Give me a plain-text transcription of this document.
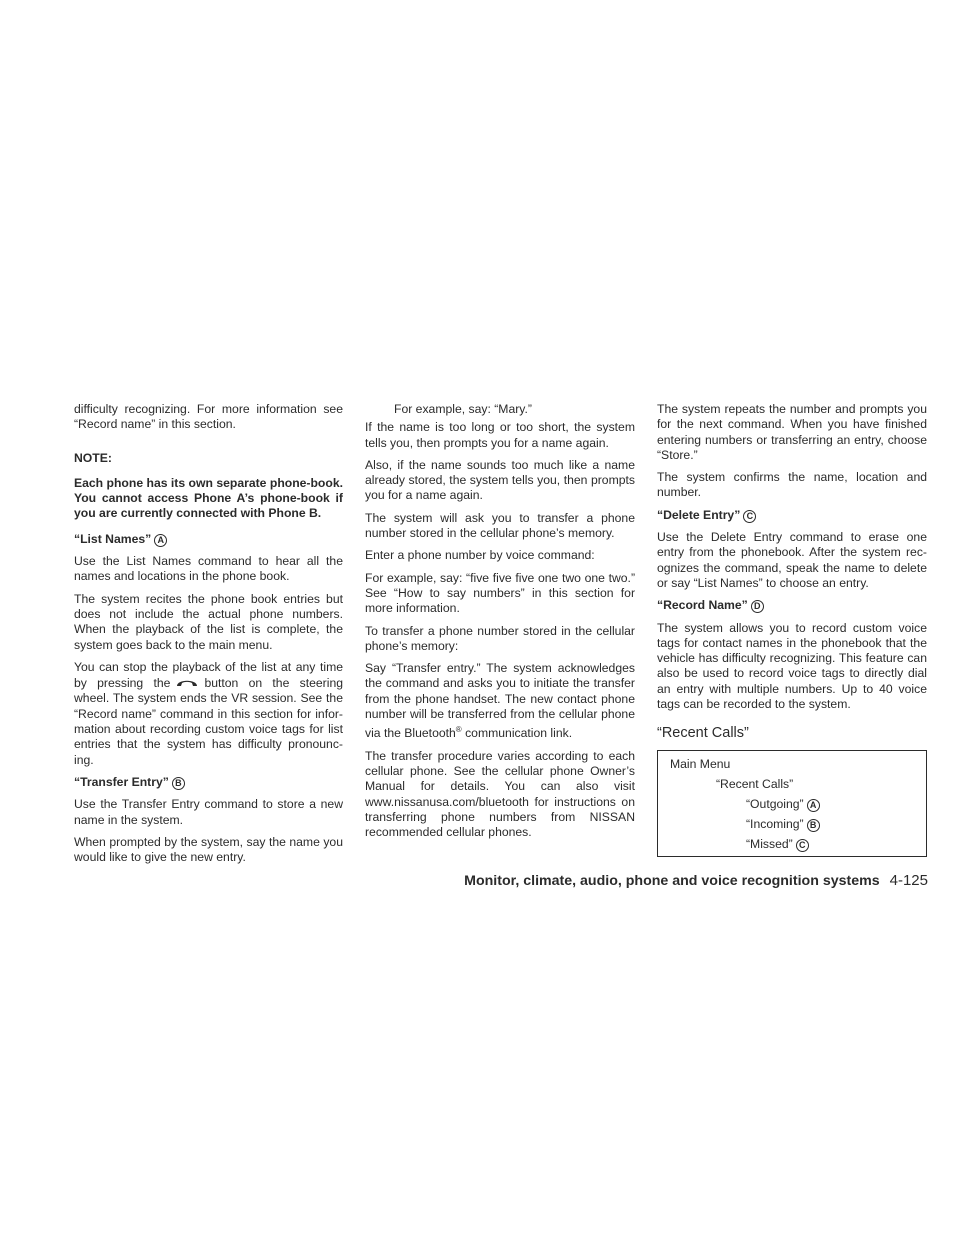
difficulty recognizing. For more information see “Record name” in this section.

NOTE:
Each phone has its own separate phone-book. You cannot access Phone A’s phone-book if you are currently connected with Phone B.
“List Names” A

Use the List Names command to hear all the names and locations in the phone book.

The system recites the phone book entries but does not include the actual phone numbers. When the playback of the list is complete, the system goes back to the main menu.

You can stop the playback of the list at any time by pressing the	button on the steering wheel. The system ends the VR session. See the “Record name” command in this section for infor-mation about recording custom voice tags for list entries that the system has difficulty pronounc-ing.

“Transfer Entry” B

Use the Transfer Entry command to store a new name in the system.

When prompted by the system, say the name you would like to give the new entry.

For example, say: “Mary.”

If the name is too long or too short, the system tells you, then prompts you for a name again.

Also, if the name sounds too much like a name already stored, the system tells you, then prompts you for a name again.

The system will ask you to transfer a phone number stored in the cellular phone’s memory.

Enter a phone number by voice command:

For example, say: “five five five one two one two.” See “How to say numbers” in this section for more information.

To transfer a phone number stored in the cellular phone’s memory:

Say “Transfer entry.” The system acknowledges the command and asks you to initiate the transfer from the phone handset. The new contact phone number will be transferred from the cellular phone via the Bluetooth® communication link.

The transfer procedure varies according to each cellular phone. See the cellular phone Owner’s Manual for details. You can also visit www.nissanusa.com/bluetooth for instructions on transferring phone numbers from NISSAN recommended cellular phones.

The system repeats the number and prompts you for the next command. When you have finished entering numbers or transferring an entry, choose “Store.”

The system confirms the name, location and number.

“Delete Entry” C

Use the Delete Entry command to erase one entry from the phonebook. After the system rec-ognizes the command, speak the name to delete or say “List Names” to choose an entry.

“Record Name” D

The system allows you to record custom voice tags for contact names in the phonebook that the vehicle has difficulty recognizing. This feature can also be used to record voice tags to directly dial an entry with multiple numbers. Up to 40 voice tags can be recorded to the system.

“Recent Calls”
Main Menu
“Recent Calls”
“Outgoing” A
“Incoming” B
“Missed” C
Monitor, climate, audio, phone and voice recognition systems 4-125
